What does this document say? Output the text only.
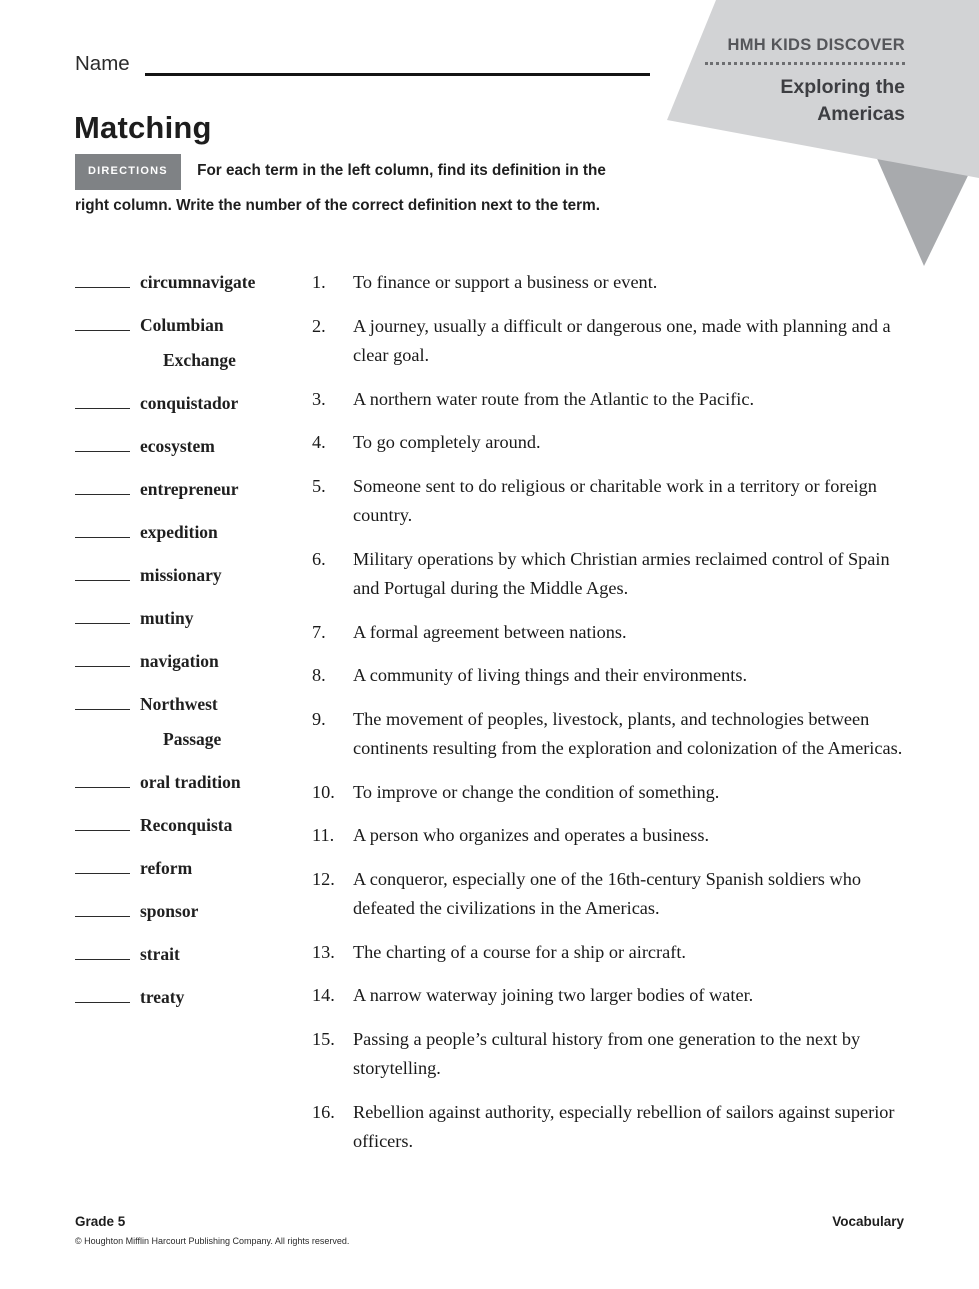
HMH KIDS DISCOVER
Exploring the
Americas
Name
Matching

DIRECTIONS For each term in the left column, find its definition in the right column. Write the number of the correct definition next to the term.

circumnavigate
Columbian
Exchange
conquistador
ecosystem
entrepreneur
expedition
missionary
mutiny
navigation
Northwest
Passage
oral tradition
Reconquista
reform
sponsor
strait
treaty
1.	To finance or support a business or event.
2.	A journey, usually a difficult or dangerous one, made with planning and a clear goal.
3.	A northern water route from the Atlantic to the Pacific.
4.	To go completely around.
5.	Someone sent to do religious or charitable work in a territory or foreign country.
6.	Military operations by which Christian armies reclaimed control of Spain and Portugal during the Middle Ages.
7.	A formal agreement between nations.
8.	A community of living things and their environments.
9.	The movement of peoples, livestock, plants, and technologies between continents resulting from the exploration and colonization of the Americas.
10. To improve or change the condition of something.
11.	A person who organizes and operates a business.
12. A conqueror, especially one of the 16th-century Spanish soldiers who defeated the civilizations in the Americas.
13. The charting of a course for a ship or aircraft.
14. A narrow waterway joining two larger bodies of water.
15. Passing a people’s cultural history from one generation to the next by storytelling.
16. Rebellion against authority, especially rebellion of sailors against superior officers.
Grade 5	Vocabulary
© Houghton Mifflin Harcourt Publishing Company. All rights reserved.
